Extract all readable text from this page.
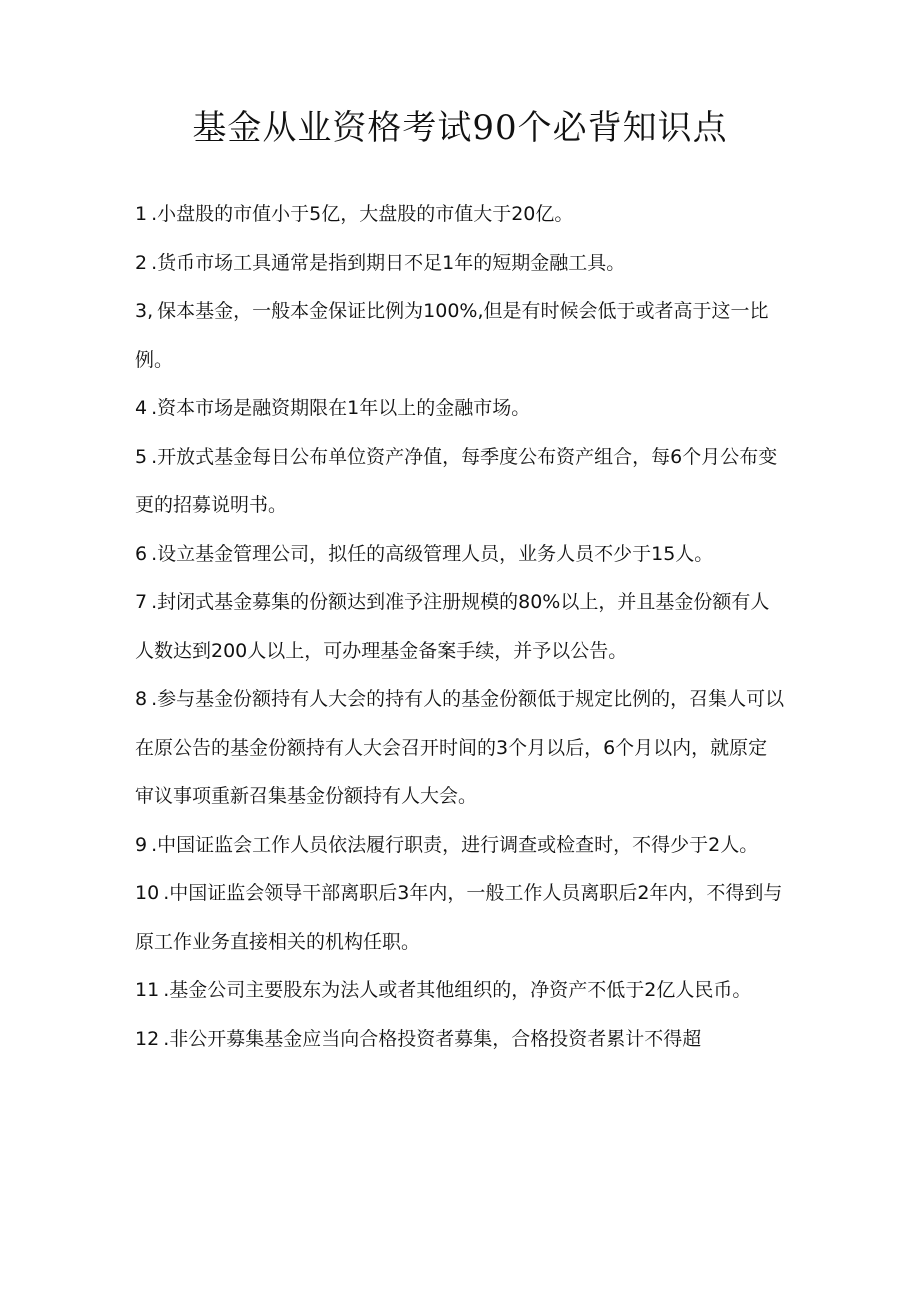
基金从业资格考试90个必背知识点

1 .小盘股的市值小于5亿，大盘股的市值大于20亿。

2 .货币市场工具通常是指到期日不足1年的短期金融工具。

3, 保本基金，一般本金保证比例为100%,但是有时候会低于或者高于这一比例。

4 .资本市场是融资期限在1年以上的金融市场。

5 .开放式基金每日公布单位资产净值，每季度公布资产组合，每6个月公布变更的招募说明书。

6 .设立基金管理公司，拟任的高级管理人员，业务人员不少于15人。

7 .封闭式基金募集的份额达到准予注册规模的80%以上，并且基金份额有人人数达到200人以上，可办理基金备案手续，并予以公告。

8 .参与基金份额持有人大会的持有人的基金份额低于规定比例的，召集人可以在原公告的基金份额持有人大会召开时间的3个月以后，6个月以内，就原定审议事项重新召集基金份额持有人大会。

9 .中国证监会工作人员依法履行职责，进行调查或检查时，不得少于2人。

10 .中国证监会领导干部离职后3年内，一般工作人员离职后2年内，不得到与原工作业务直接相关的机构任职。

11 .基金公司主要股东为法人或者其他组织的，净资产不低于2亿人民币。

12 .非公开募集基金应当向合格投资者募集，合格投资者累计不得超
